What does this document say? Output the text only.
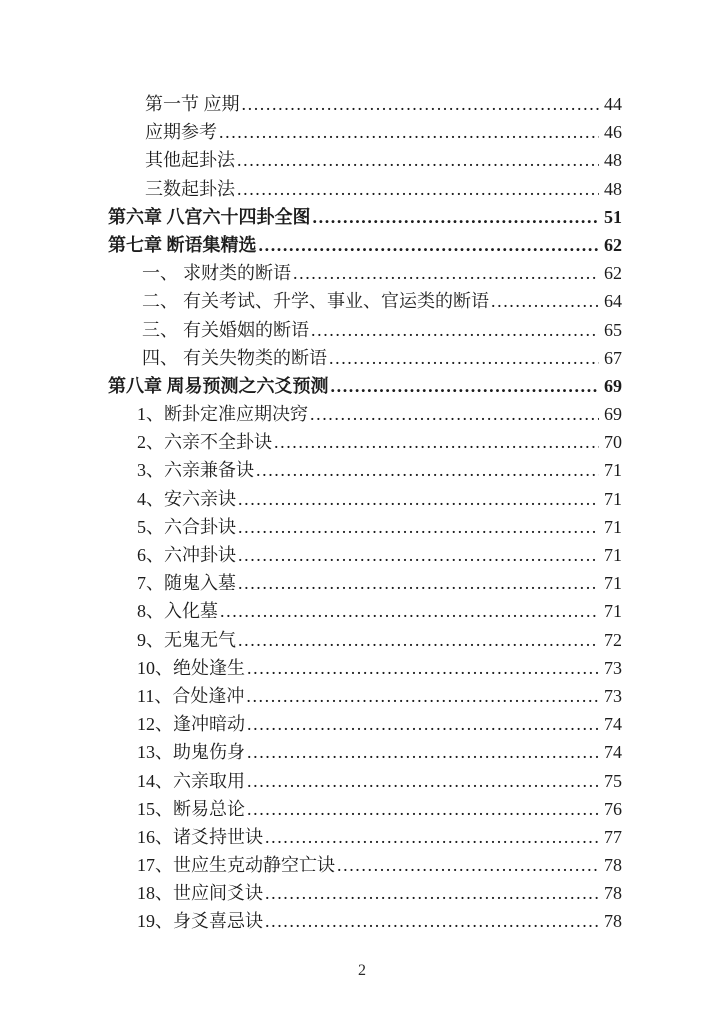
第一节 应期 .....	44
应期参考 .....	46
其他起卦法 .....	48
三数起卦法 .....	48
第六章 八宫六十四卦全图 .....	51
第七章 断语集精选 .....	62
一、 求财类的断语 .....	62
二、 有关考试、升学、事业、官运类的断语 .....	64
三、 有关婚姻的断语 .....	65
四、 有关失物类的断语 .....	67
第八章 周易预测之六爻预测 .....	69
1、断卦定准应期决窍 .....	69
2、六亲不全卦诀 .....	70
3、六亲兼备诀 .....	71
4、安六亲诀 .....	71
5、六合卦诀 .....	71
6、六冲卦诀 .....	71
7、随鬼入墓 .....	71
8、入化墓 .....	71
9、无鬼无气 .....	72
10、绝处逢生 .....	73
11、合处逢冲 .....	73
12、逢冲暗动 .....	74
13、助鬼伤身 .....	74
14、六亲取用 .....	75
15、断易总论 .....	76
16、诸爻持世诀 .....	77
17、世应生克动静空亡诀 .....	78
18、世应间爻诀 .....	78
19、身爻喜忌诀 .....	78
2
